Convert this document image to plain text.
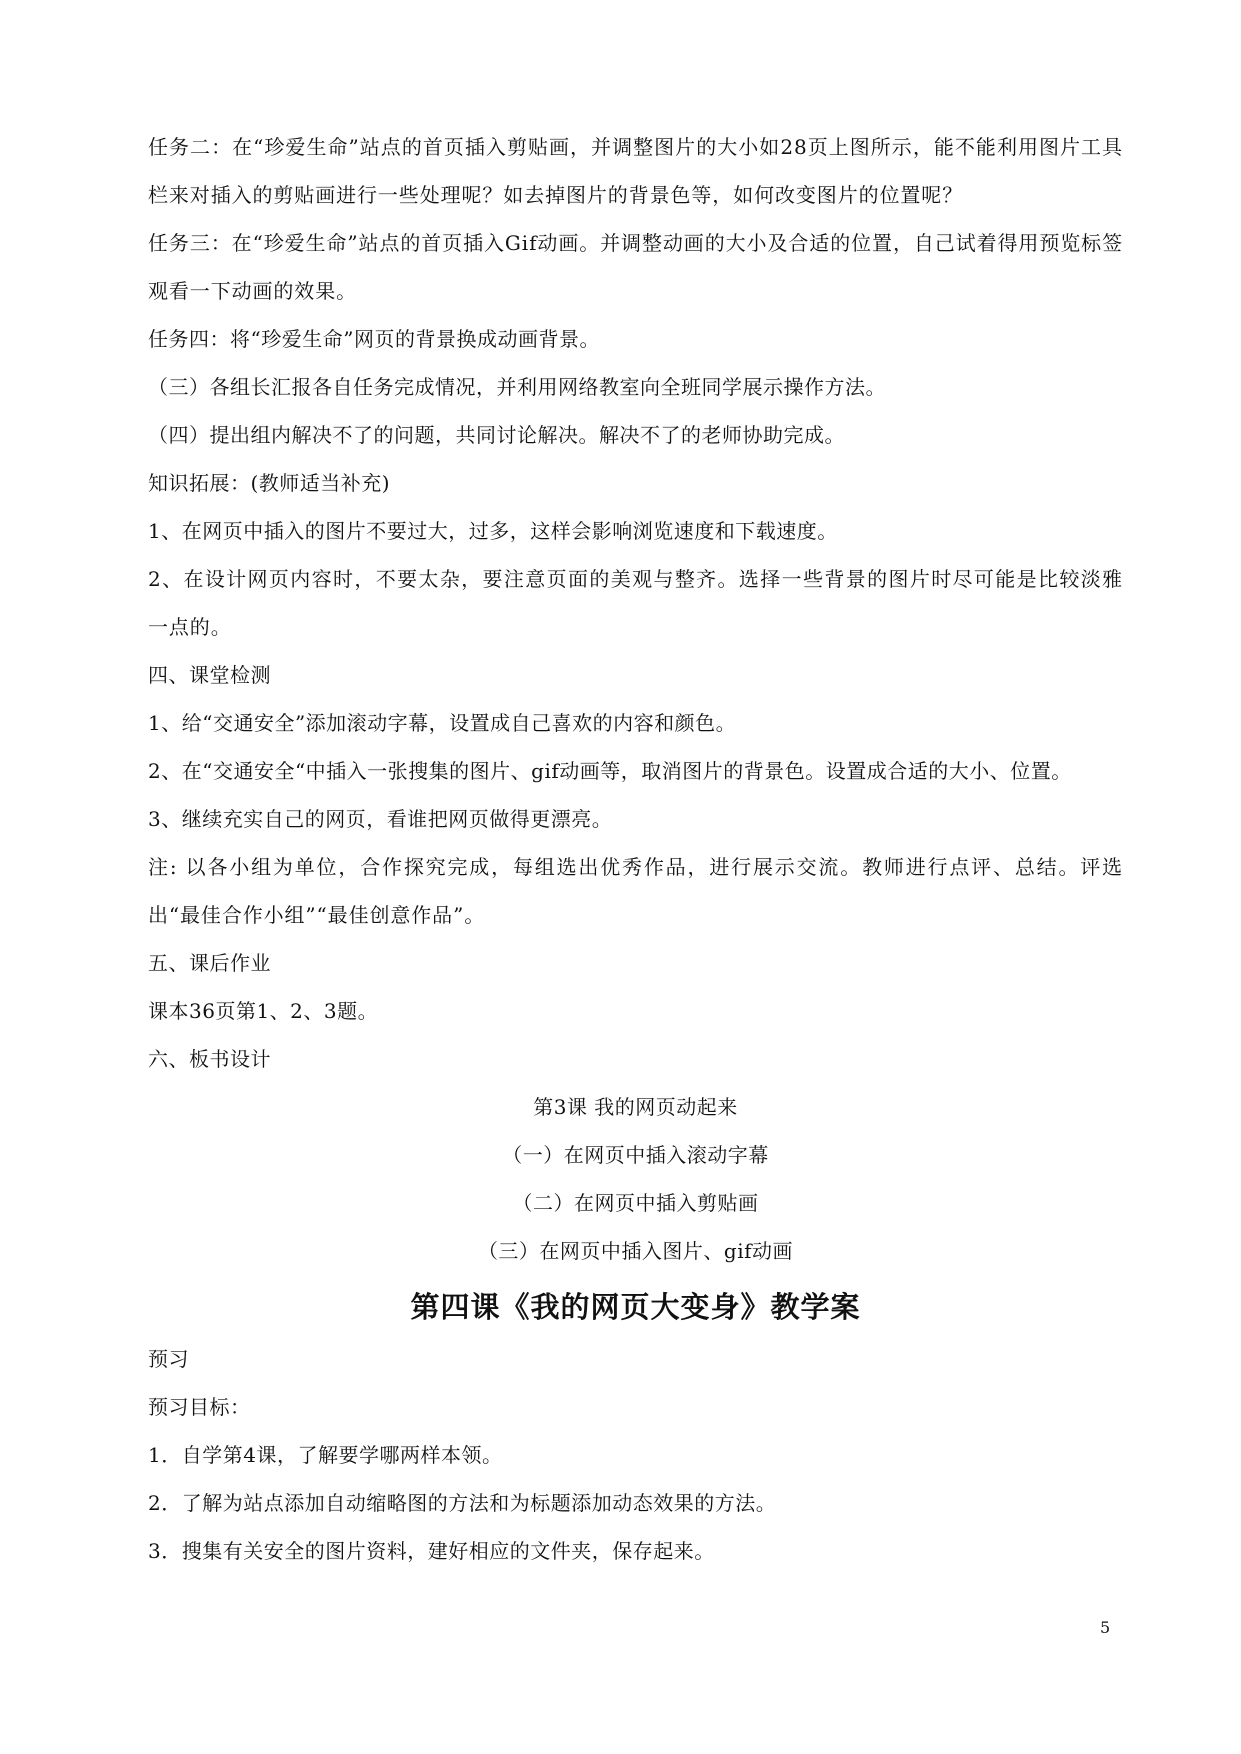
任务二：在“珍爱生命”站点的首页插入剪贴画，并调整图片的大小如28页上图所示，能不能利用图片工具栏来对插入的剪贴画进行一些处理呢？如去掉图片的背景色等，如何改变图片的位置呢？

任务三：在“珍爱生命”站点的首页插入Gif动画。并调整动画的大小及合适的位置，自己试着得用预览标签观看一下动画的效果。

任务四：将“珍爱生命”网页的背景换成动画背景。

（三）各组长汇报各自任务完成情况，并利用网络教室向全班同学展示操作方法。

（四）提出组内解决不了的问题，共同讨论解决。解决不了的老师协助完成。

知识拓展：(教师适当补充)

1、在网页中插入的图片不要过大，过多，这样会影响浏览速度和下载速度。

2、在设计网页内容时，不要太杂，要注意页面的美观与整齐。选择一些背景的图片时尽可能是比较淡雅一点的。

四、课堂检测

1、给“交通安全”添加滚动字幕，设置成自己喜欢的内容和颜色。

2、在“交通安全“中插入一张搜集的图片、gif动画等，取消图片的背景色。设置成合适的大小、位置。

3、继续充实自己的网页，看谁把网页做得更漂亮。

注: 以各小组为单位，合作探究完成，每组选出优秀作品，进行展示交流。教师进行点评、总结。评选出“最佳合作小组”“最佳创意作品”。

五、课后作业

课本36页第1、2、3题。

六、板书设计

第3课 我的网页动起来

（一）在网页中插入滚动字幕

（二）在网页中插入剪贴画

（三）在网页中插入图片、gif动画

第四课《我的网页大变身》教学案

预习

预习目标：

1．自学第4课，了解要学哪两样本领。

2．了解为站点添加自动缩略图的方法和为标题添加动态效果的方法。

3．搜集有关安全的图片资料，建好相应的文件夹，保存起来。

5
